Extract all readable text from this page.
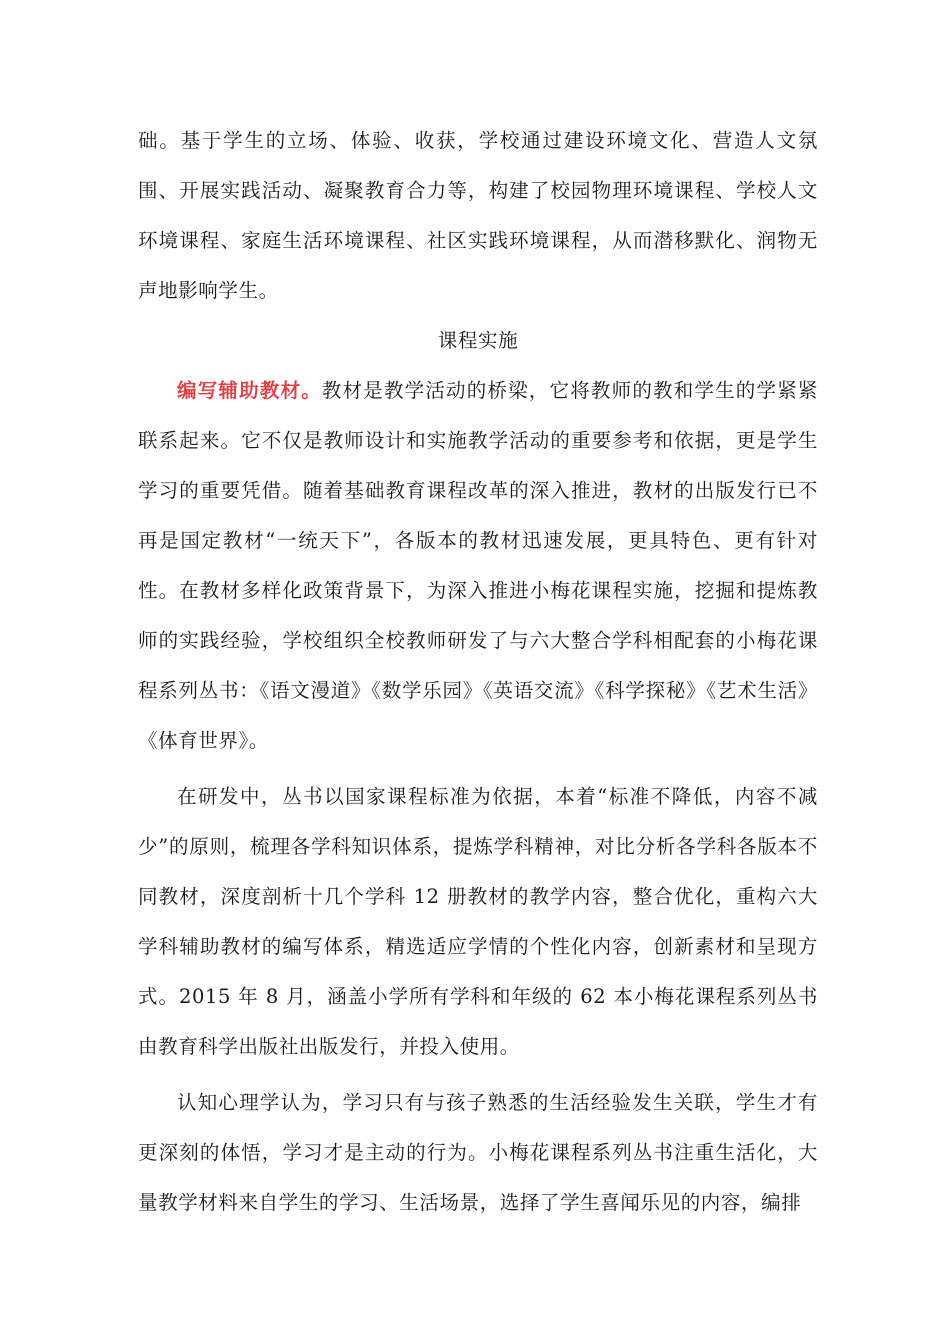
础。基于学生的立场、体验、收获，学校通过建设环境文化、营造人文氛围、开展实践活动、凝聚教育合力等，构建了校园物理环境课程、学校人文环境课程、家庭生活环境课程、社区实践环境课程，从而潜移默化、润物无声地影响学生。

课程实施

编写辅助教材。教材是教学活动的桥梁，它将教师的教和学生的学紧紧联系起来。它不仅是教师设计和实施教学活动的重要参考和依据，更是学生学习的重要凭借。随着基础教育课程改革的深入推进，教材的出版发行已不再是国定教材“一统天下”，各版本的教材迅速发展，更具特色、更有针对性。在教材多样化政策背景下，为深入推进小梅花课程实施，挖掘和提炼教师的实践经验，学校组织全校教师研发了与六大整合学科相配套的小梅花课程系列丛书：《语文漫道》《数学乐园》《英语交流》《科学探秘》《艺术生活》《体育世界》。

在研发中，丛书以国家课程标准为依据，本着“标准不降低，内容不减少”的原则，梳理各学科知识体系，提炼学科精神，对比分析各学科各版本不同教材，深度剖析十几个学科 12 册教材的教学内容，整合优化，重构六大学科辅助教材的编写体系，精选适应学情的个性化内容，创新素材和呈现方式。2015 年 8 月，涵盖小学所有学科和年级的 62 本小梅花课程系列丛书由教育科学出版社出版发行，并投入使用。

认知心理学认为，学习只有与孩子熟悉的生活经验发生关联，学生才有更深刻的体悟，学习才是主动的行为。小梅花课程系列丛书注重生活化，大量教学材料来自学生的学习、生活场景，选择了学生喜闻乐见的内容，编排
